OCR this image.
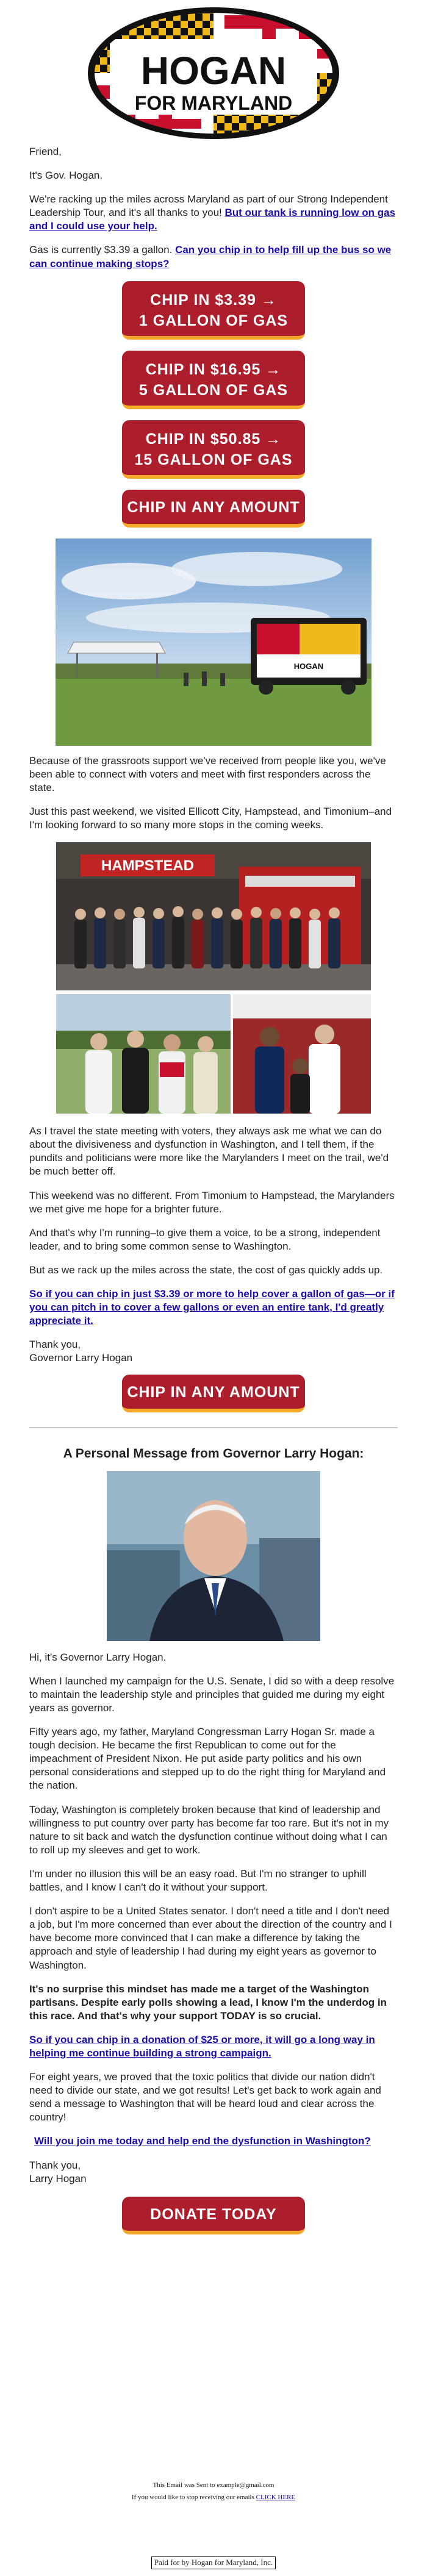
HOGAN
FOR MARYLAND

Friend,

It's Gov. Hogan.

We're racking up the miles across Maryland as part of our Strong Independent Leadership Tour, and it's all thanks to you! But our tank is running low on gas and I could use your help.

Gas is currently $3.39 a gallon. Can you chip in to help fill up the bus so we can continue making stops?

CHIP IN $3.39 →
1 GALLON OF GAS
CHIP IN $16.95 →
5 GALLON OF GAS
CHIP IN $50.85 →
15 GALLON OF GAS
CHIP IN ANY AMOUNT
HOGAN

Because of the grassroots support we've received from people like you, we've been able to connect with voters and meet with first responders across the state.

Just this past weekend, we visited Ellicott City, Hampstead, and Timonium–and I'm looking forward to so many more stops in the coming weeks.

HAMPSTEAD

As I travel the state meeting with voters, they always ask me what we can do about the divisiveness and dysfunction in Washington, and I tell them, if the pundits and politicians were more like the Marylanders I meet on the trail, we'd be much better off.

This weekend was no different. From Timonium to Hampstead, the Marylanders we met give me hope for a brighter future.

And that's why I'm running–to give them a voice, to be a strong, independent leader, and to bring some common sense to Washington.

But as we rack up the miles across the state, the cost of gas quickly adds up.

So if you can chip in just $3.39 or more to help cover a gallon of gas—or if you can pitch in to cover a few gallons or even an entire tank, I'd greatly appreciate it.

Thank you,

Governor Larry Hogan

CHIP IN ANY AMOUNT
A Personal Message from Governor Larry Hogan:

Hi, it's Governor Larry Hogan.

When I launched my campaign for the U.S. Senate, I did so with a deep resolve to maintain the leadership style and principles that guided me during my eight years as governor.

Fifty years ago, my father, Maryland Congressman Larry Hogan Sr. made a tough decision. He became the first Republican to come out for the impeachment of President Nixon. He put aside party politics and his own personal considerations and stepped up to do the right thing for Maryland and the nation.

Today, Washington is completely broken because that kind of leadership and willingness to put country over party has become far too rare. But it's not in my nature to sit back and watch the dysfunction continue without doing what I can to roll up my sleeves and get to work.

I'm under no illusion this will be an easy road. But I'm no stranger to uphill battles, and I know I can't do it without your support.

I don't aspire to be a United States senator. I don't need a title and I don't need a job, but I'm more concerned than ever about the direction of the country and I have become more convinced that I can make a difference by taking the approach and style of leadership I had during my eight years as governor to Washington.

It's no surprise this mindset has made me a target of the Washington partisans. Despite early polls showing a lead, I know I'm the underdog in this race. And that's why your support TODAY is so crucial.

So if you can chip in a donation of $25 or more, it will go a long way in helping me continue building a strong campaign.

For eight years, we proved that the toxic politics that divide our nation didn't need to divide our state, and we got results! Let's get back to work again and send a message to Washington that will be heard loud and clear across the country!

Will you join me today and help end the dysfunction in Washington?

Thank you,

Larry Hogan

DONATE TODAY
This Email was Sent to example@gmail.com
If you would like to stop receiving our emails CLICK HERE
Paid for by Hogan for Maryland, Inc.
